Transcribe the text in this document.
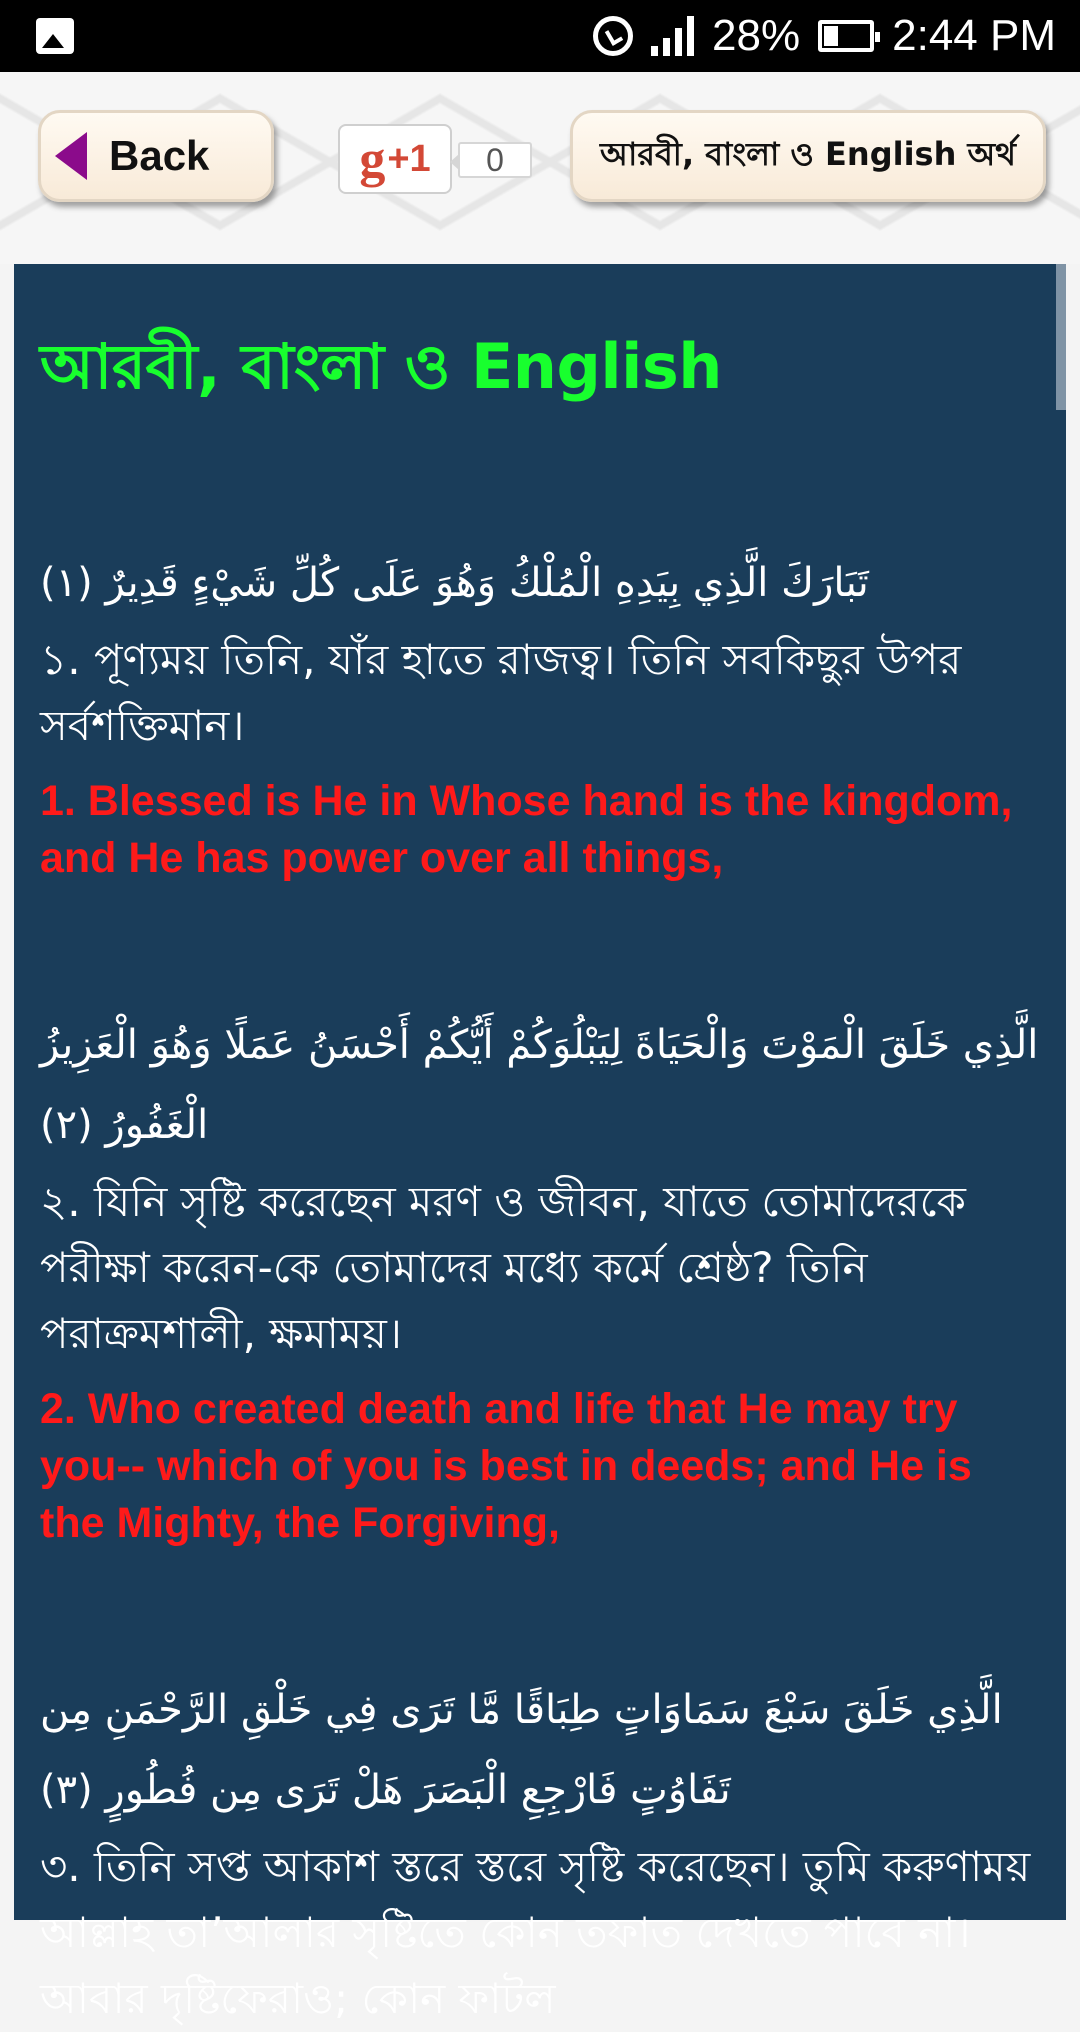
28% 2:44 PM
Back	g +1	0	আরবী, বাংলা ও English অর্থ
আরবী, বাংলা ও English
تَبَارَكَ الَّذِي بِيَدِهِ الْمُلْكُ وَهُوَ عَلَى كُلِّ شَيْءٍ قَدِيرٌ (١)
১. পূণ্যময় তিনি, যাঁর হাতে রাজত্ব। তিনি সবকিছুর উপর সর্বশক্তিমান।
1. Blessed is He in Whose hand is the kingdom, and He has power over all things,
الَّذِي خَلَقَ الْمَوْتَ وَالْحَيَاةَ لِيَبْلُوَكُمْ أَيُّكُمْ أَحْسَنُ عَمَلًا وَهُوَ الْعَزِيزُ الْغَفُورُ (٢)
২. যিনি সৃষ্টি করেছেন মরণ ও জীবন, যাতে তোমাদেরকে পরীক্ষা করেন-কে তোমাদের মধ্যে কর্মে শ্রেষ্ঠ? তিনি পরাক্রমশালী, ক্ষমাময়।
2. Who created death and life that He may try you-- which of you is best in deeds; and He is the Mighty, the Forgiving,
الَّذِي خَلَقَ سَبْعَ سَمَاوَاتٍ طِبَاقًا مَّا تَرَى فِي خَلْقِ الرَّحْمَنِ مِن تَفَاوُتٍ فَارْجِعِ الْبَصَرَ هَلْ تَرَى مِن فُطُورٍ (٣)
৩. তিনি সপ্ত আকাশ স্তরে স্তরে সৃষ্টি করেছেন। তুমি করুণাময় আল্লাহ তা’আলার সৃষ্টিতে কোন তফাত দেখতে পাবে না। আবার দৃষ্টিফেরাও; কোন ফাটল
